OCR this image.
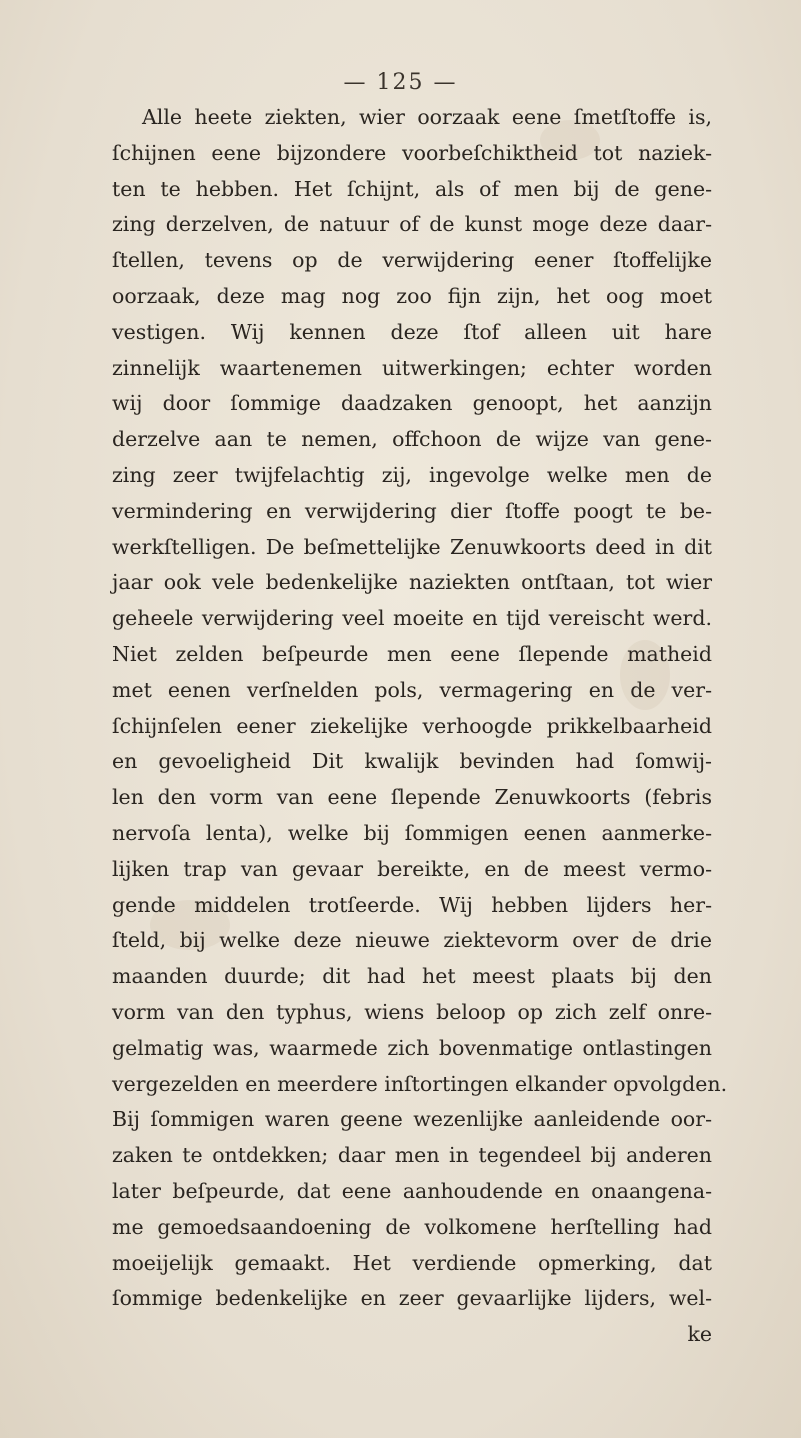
— 125 —
Alle heete ziekten, wier oorzaak eene ſmetſtoffe is,
ſchijnen eene bijzondere voorbeſchiktheid tot naziek-
ten te hebben. Het ſchijnt, als of men bij de gene-
zing derzelven, de natuur of de kunst moge deze daar-
ſtellen, tevens op de verwijdering eener ſtoffelijke
oorzaak, deze mag nog zoo fijn zijn, het oog moet
vestigen. Wij kennen deze ſtof alleen uit hare
zinnelijk waartenemen uitwerkingen; echter worden
wij door ſommige daadzaken genoopt, het aanzijn
derzelve aan te nemen, offchoon de wijze van gene-
zing zeer twijfelachtig zij, ingevolge welke men de
vermindering en verwijdering dier ſtoffe poogt te be-
werkſtelligen. De beſmettelijke Zenuwkoorts deed in dit
jaar ook vele bedenkelijke naziekten ontſtaan, tot wier
geheele verwijdering veel moeite en tijd vereischt werd.
Niet zelden beſpeurde men eene ſlepende matheid
met eenen verſnelden pols, vermagering en de ver-
ſchijnſelen eener ziekelijke verhoogde prikkelbaarheid
en gevoeligheid Dit kwalijk bevinden had ſomwij-
len den vorm van eene ſlepende Zenuwkoorts (febris
nervoſa lenta), welke bij ſommigen eenen aanmerke-
lijken trap van gevaar bereikte, en de meest vermo-
gende middelen trotſeerde. Wij hebben lijders her-
ſteld, bij welke deze nieuwe ziektevorm over de drie
maanden duurde; dit had het meest plaats bij den
vorm van den typhus, wiens beloop op zich zelf onre-
gelmatig was, waarmede zich bovenmatige ontlastingen
vergezelden en meerdere inſtortingen elkander opvolgden.
Bij ſommigen waren geene wezenlijke aanleidende oor-
zaken te ontdekken; daar men in tegendeel bij anderen
later beſpeurde, dat eene aanhoudende en onaangena-
me gemoedsaandoening de volkomene herſtelling had
moeijelijk gemaakt. Het verdiende opmerking, dat
ſommige bedenkelijke en zeer gevaarlijke lijders, wel-
ke
